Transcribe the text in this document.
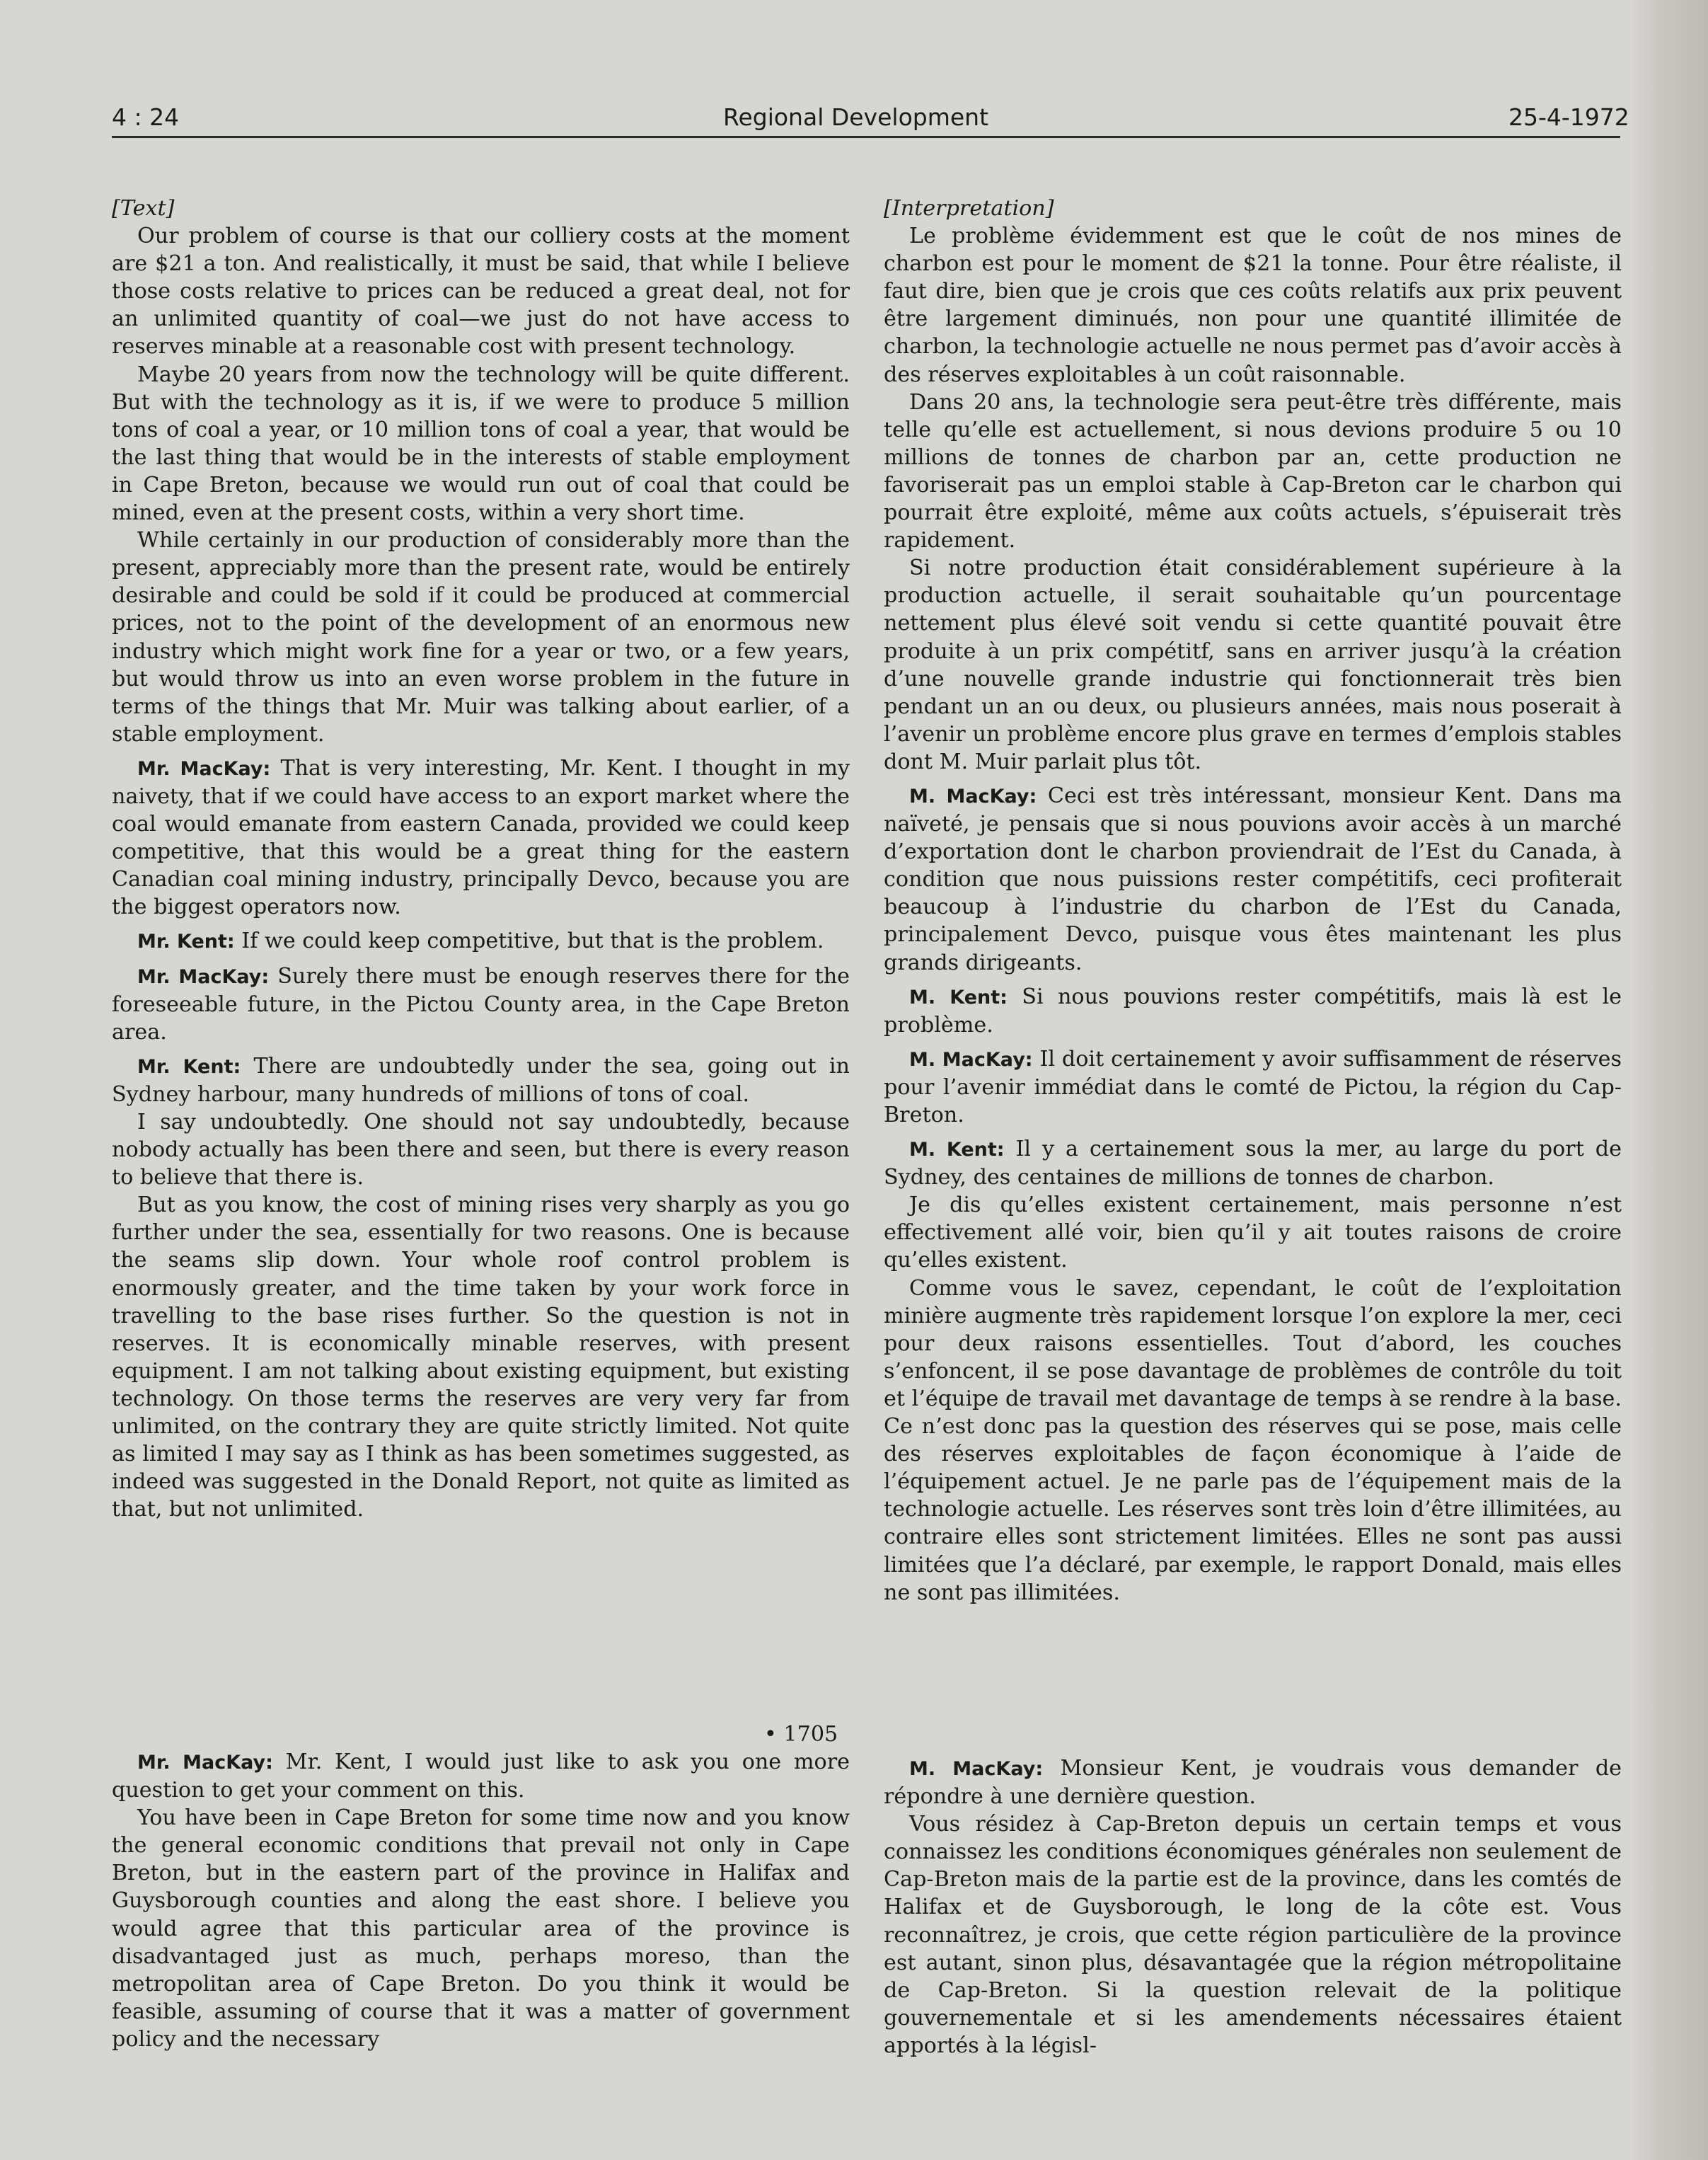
4 : 24	Regional Development	25-4-1972

[Text]

Our problem of course is that our colliery costs at the moment are $21 a ton. And realistically, it must be said, that while I believe those costs relative to prices can be reduced a great deal, not for an unlimited quantity of coal—we just do not have access to reserves minable at a reasonable cost with present technology.

Maybe 20 years from now the technology will be quite different. But with the technology as it is, if we were to produce 5 million tons of coal a year, or 10 million tons of coal a year, that would be the last thing that would be in the interests of stable employment in Cape Breton, because we would run out of coal that could be mined, even at the present costs, within a very short time.

While certainly in our production of considerably more than the present, appreciably more than the present rate, would be entirely desirable and could be sold if it could be produced at commercial prices, not to the point of the development of an enormous new industry which might work fine for a year or two, or a few years, but would throw us into an even worse problem in the future in terms of the things that Mr. Muir was talking about earlier, of a stable employment.

Mr. MacKay: That is very interesting, Mr. Kent. I thought in my naivety, that if we could have access to an export market where the coal would emanate from eastern Canada, provided we could keep competitive, that this would be a great thing for the eastern Canadian coal mining industry, principally Devco, because you are the biggest operators now.

Mr. Kent: If we could keep competitive, but that is the problem.

Mr. MacKay: Surely there must be enough reserves there for the foreseeable future, in the Pictou County area, in the Cape Breton area.

Mr. Kent: There are undoubtedly under the sea, going out in Sydney harbour, many hundreds of millions of tons of coal.

I say undoubtedly. One should not say undoubtedly, because nobody actually has been there and seen, but there is every reason to believe that there is.

But as you know, the cost of mining rises very sharply as you go further under the sea, essentially for two reasons. One is because the seams slip down. Your whole roof control problem is enormously greater, and the time taken by your work force in travelling to the base rises further. So the question is not in reserves. It is economically minable reserves, with present equipment. I am not talking about existing equipment, but existing technology. On those terms the reserves are very very far from unlimited, on the contrary they are quite strictly limited. Not quite as limited I may say as I think as has been sometimes suggested, as indeed was suggested in the Donald Report, not quite as limited as that, but not unlimited.

• 1705

Mr. MacKay: Mr. Kent, I would just like to ask you one more question to get your comment on this.

You have been in Cape Breton for some time now and you know the general economic conditions that prevail not only in Cape Breton, but in the eastern part of the province in Halifax and Guysborough counties and along the east shore. I believe you would agree that this particular area of the province is disadvantaged just as much, perhaps moreso, than the metropolitan area of Cape Breton. Do you think it would be feasible, assuming of course that it was a matter of government policy and the necessary

[Interpretation]

Le problème évidemment est que le coût de nos mines de charbon est pour le moment de $21 la tonne. Pour être réaliste, il faut dire, bien que je crois que ces coûts relatifs aux prix peuvent être largement diminués, non pour une quantité illimitée de charbon, la technologie actuelle ne nous permet pas d’avoir accès à des réserves exploitables à un coût raisonnable.

Dans 20 ans, la technologie sera peut-être très différente, mais telle qu’elle est actuellement, si nous devions produire 5 ou 10 millions de tonnes de charbon par an, cette production ne favoriserait pas un emploi stable à Cap-Breton car le charbon qui pourrait être exploité, même aux coûts actuels, s’épuiserait très rapidement.

Si notre production était considérablement supérieure à la production actuelle, il serait souhaitable qu’un pourcentage nettement plus élevé soit vendu si cette quantité pouvait être produite à un prix compétitf, sans en arriver jusqu’à la création d’une nouvelle grande industrie qui fonctionnerait très bien pendant un an ou deux, ou plusieurs années, mais nous poserait à l’avenir un problème encore plus grave en termes d’emplois stables dont M. Muir parlait plus tôt.

M. MacKay: Ceci est très intéressant, monsieur Kent. Dans ma naïveté, je pensais que si nous pouvions avoir accès à un marché d’exportation dont le charbon proviendrait de l’Est du Canada, à condition que nous puissions rester compétitifs, ceci profiterait beaucoup à l’industrie du charbon de l’Est du Canada, principalement Devco, puisque vous êtes maintenant les plus grands dirigeants.

M. Kent: Si nous pouvions rester compétitifs, mais là est le problème.

M. MacKay: Il doit certainement y avoir suffisamment de réserves pour l’avenir immédiat dans le comté de Pictou, la région du Cap-Breton.

M. Kent: Il y a certainement sous la mer, au large du port de Sydney, des centaines de millions de tonnes de charbon.

Je dis qu’elles existent certainement, mais personne n’est effectivement allé voir, bien qu’il y ait toutes raisons de croire qu’elles existent.

Comme vous le savez, cependant, le coût de l’exploitation minière augmente très rapidement lorsque l’on explore la mer, ceci pour deux raisons essentielles. Tout d’abord, les couches s’enfoncent, il se pose davantage de problèmes de contrôle du toit et l’équipe de travail met davantage de temps à se rendre à la base. Ce n’est donc pas la question des réserves qui se pose, mais celle des réserves exploitables de façon économique à l’aide de l’équipement actuel. Je ne parle pas de l’équipement mais de la technologie actuelle. Les réserves sont très loin d’être illimitées, au contraire elles sont strictement limitées. Elles ne sont pas aussi limitées que l’a déclaré, par exemple, le rapport Donald, mais elles ne sont pas illimitées.

M. MacKay: Monsieur Kent, je voudrais vous demander de répondre à une dernière question.

Vous résidez à Cap-Breton depuis un certain temps et vous connaissez les conditions économiques générales non seulement de Cap-Breton mais de la partie est de la province, dans les comtés de Halifax et de Guysborough, le long de la côte est. Vous reconnaîtrez, je crois, que cette région particulière de la province est autant, sinon plus, désavantagée que la région métropolitaine de Cap-Breton. Si la question relevait de la politique gouvernementale et si les amendements nécessaires étaient apportés à la législ-
